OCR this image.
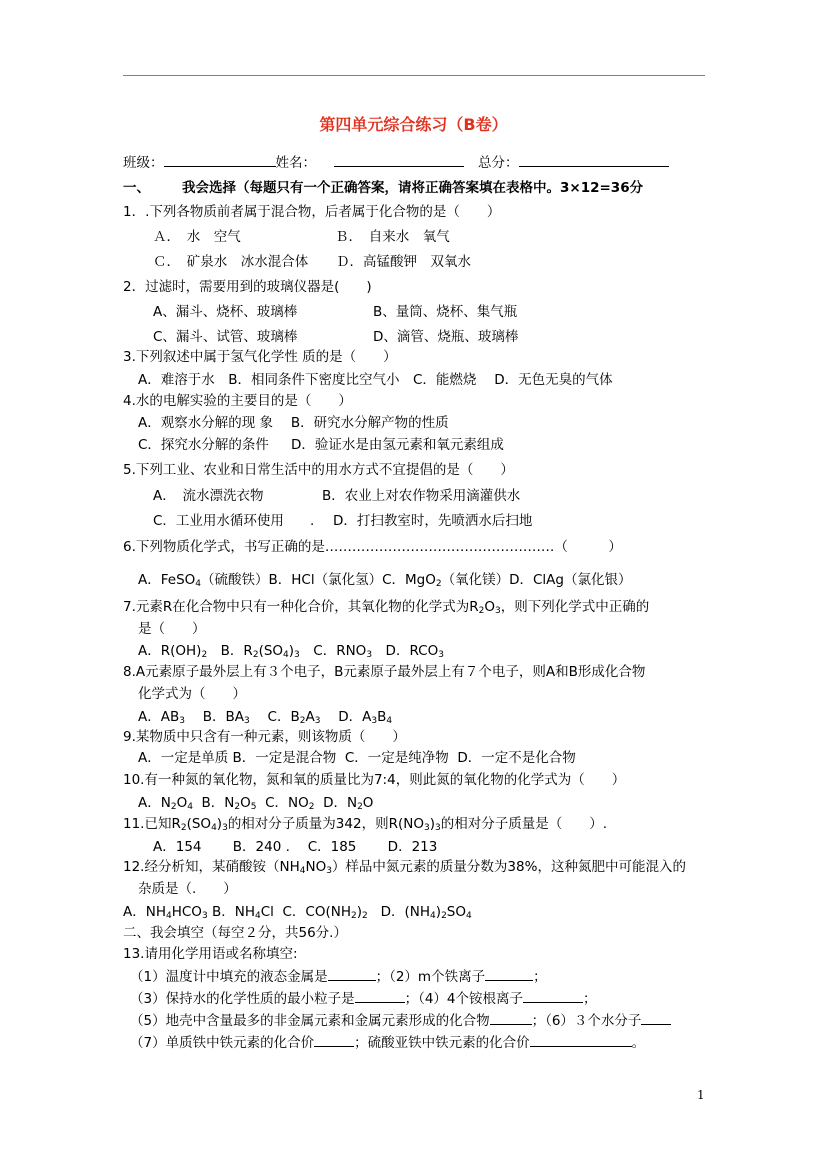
第四单元综合练习（B卷）
班级：	姓名：	总分：
一、 我会选择（每题只有一个正确答案，请将正确答案填在表格中。3×12=36分
1．.下列各物质前者属于混合物，后者属于化合物的是（　　）
Ａ．　水　空气	Ｂ．　自来水　氧气
Ｃ．　矿泉水　冰水混合体 Ｄ．高锰酸钾　双氧水
2．过滤时，需要用到的玻璃仪器是(　　)
A、漏斗、烧杯、玻璃棒	B、量筒、烧杯、集气瓶
C、漏斗、试管、玻璃棒	D、滴管、烧瓶、玻璃棒
3.下列叙述中属于氢气化学性 质的是（　　）
A．难溶于水　B．相同条件下密度比空气小　C．能燃烧　 D．无色无臭的气体
4.水的电解实验的主要目的是（　　）
A．观察水分解的现 象　 B．研究水分解产物的性质
C．探究水分解的条件　  D．验证水是由氢元素和氧元素组成
5.下列工业、农业和日常生活中的用水方式不宜提倡的是（　　）
A．　流水漂洗衣物	B．农业上对农作物采用滴灌供水
C．工业用水循环使用 . D．打扫教室时，先喷洒水后扫地
6.下列物质化学式，书写正确的是……………………………………………（　　　）
A．FeSO$_4$（硫酸铁）B．HCl（氯化氢）C．MgO$_2$（氧化镁）D．ClAg（氯化银）
7.元素R在化合物中只有一种化合价，其氧化物的化学式为$R_2O_3$，则下列化学式中正确的
是（　　）
A．$R(OH)_2$　B．$R_2(SO_4)_3$　C．$RNO_3$　D．$RCO_3$
8.A元素原子最外层上有３个电子，B元素原子最外层上有７个电子，则A和B形成化合物
化学式为（　　）
A．$AB_3$　 B．$BA_3$　 C．$B_2A_3$　 D．$A_3B_4$
9.某物质中只含有一种元素，则该物质（　　）
A．一定是单质 B．一定是混合物  C．一定是纯净物  D．一定不是化合物
10.有一种氮的氧化物，氮和氧的质量比为7:4，则此氮的氧化物的化学式为（　　）
A．$N_2O_4$  B．$N_2O_5$  C．$NO_2$  D．$N_2O$
11.已知$R_2(SO_4)_3$的相对分子质量为342，则$R(NO_3)_3$的相对分子质量是（　　）.
A．154　　 B．240 .　 C．185　　 D．213
12.经分析知，某硝酸铵$(NH_4NO_3)$样品中氮元素的质量分数为38%，这种氮肥中可能混入的
杂质是（.　　）
A．$NH_4HCO_3$ B．$NH_4Cl$  C．$CO(NH_2)_2$   D．$(NH_4)_2SO_4$
二、我会填空（每空２分，共56分.）
13.请用化学用语或名称填空:
（1）温度计中填充的液态金属是	；（2）m个铁离子	；
（3）保持水的化学性质的最小粒子是	；（4）4个铵根离子	；
（5）地壳中含量最多的非金属元素和金属元素形成的化合物	；（6）３个水分子
（7）单质铁中铁元素的化合价	；硫酸亚铁中铁元素的化合价	。
1
